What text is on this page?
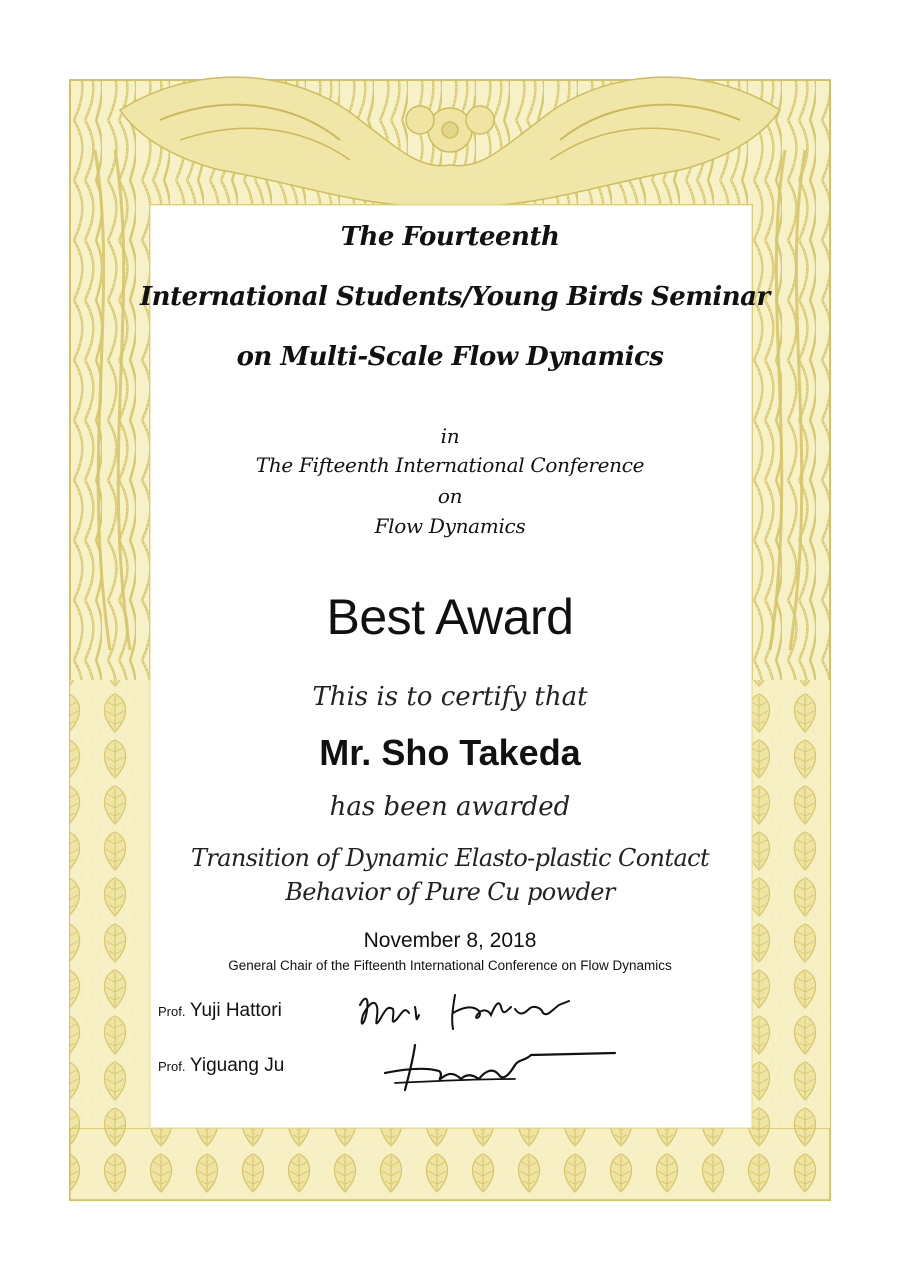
The Fourteenth
International Students/Young Birds Seminar
on Multi-Scale Flow Dynamics
in
The Fifteenth International Conference
on
Flow Dynamics
Best Award
This is to certify that
Mr. Sho Takeda
has been awarded
Transition of Dynamic Elasto-plastic Contact
Behavior of Pure Cu powder
November 8, 2018
General Chair of the Fifteenth International Conference on Flow Dynamics
Prof. Yuji Hattori
Prof. Yiguang Ju
